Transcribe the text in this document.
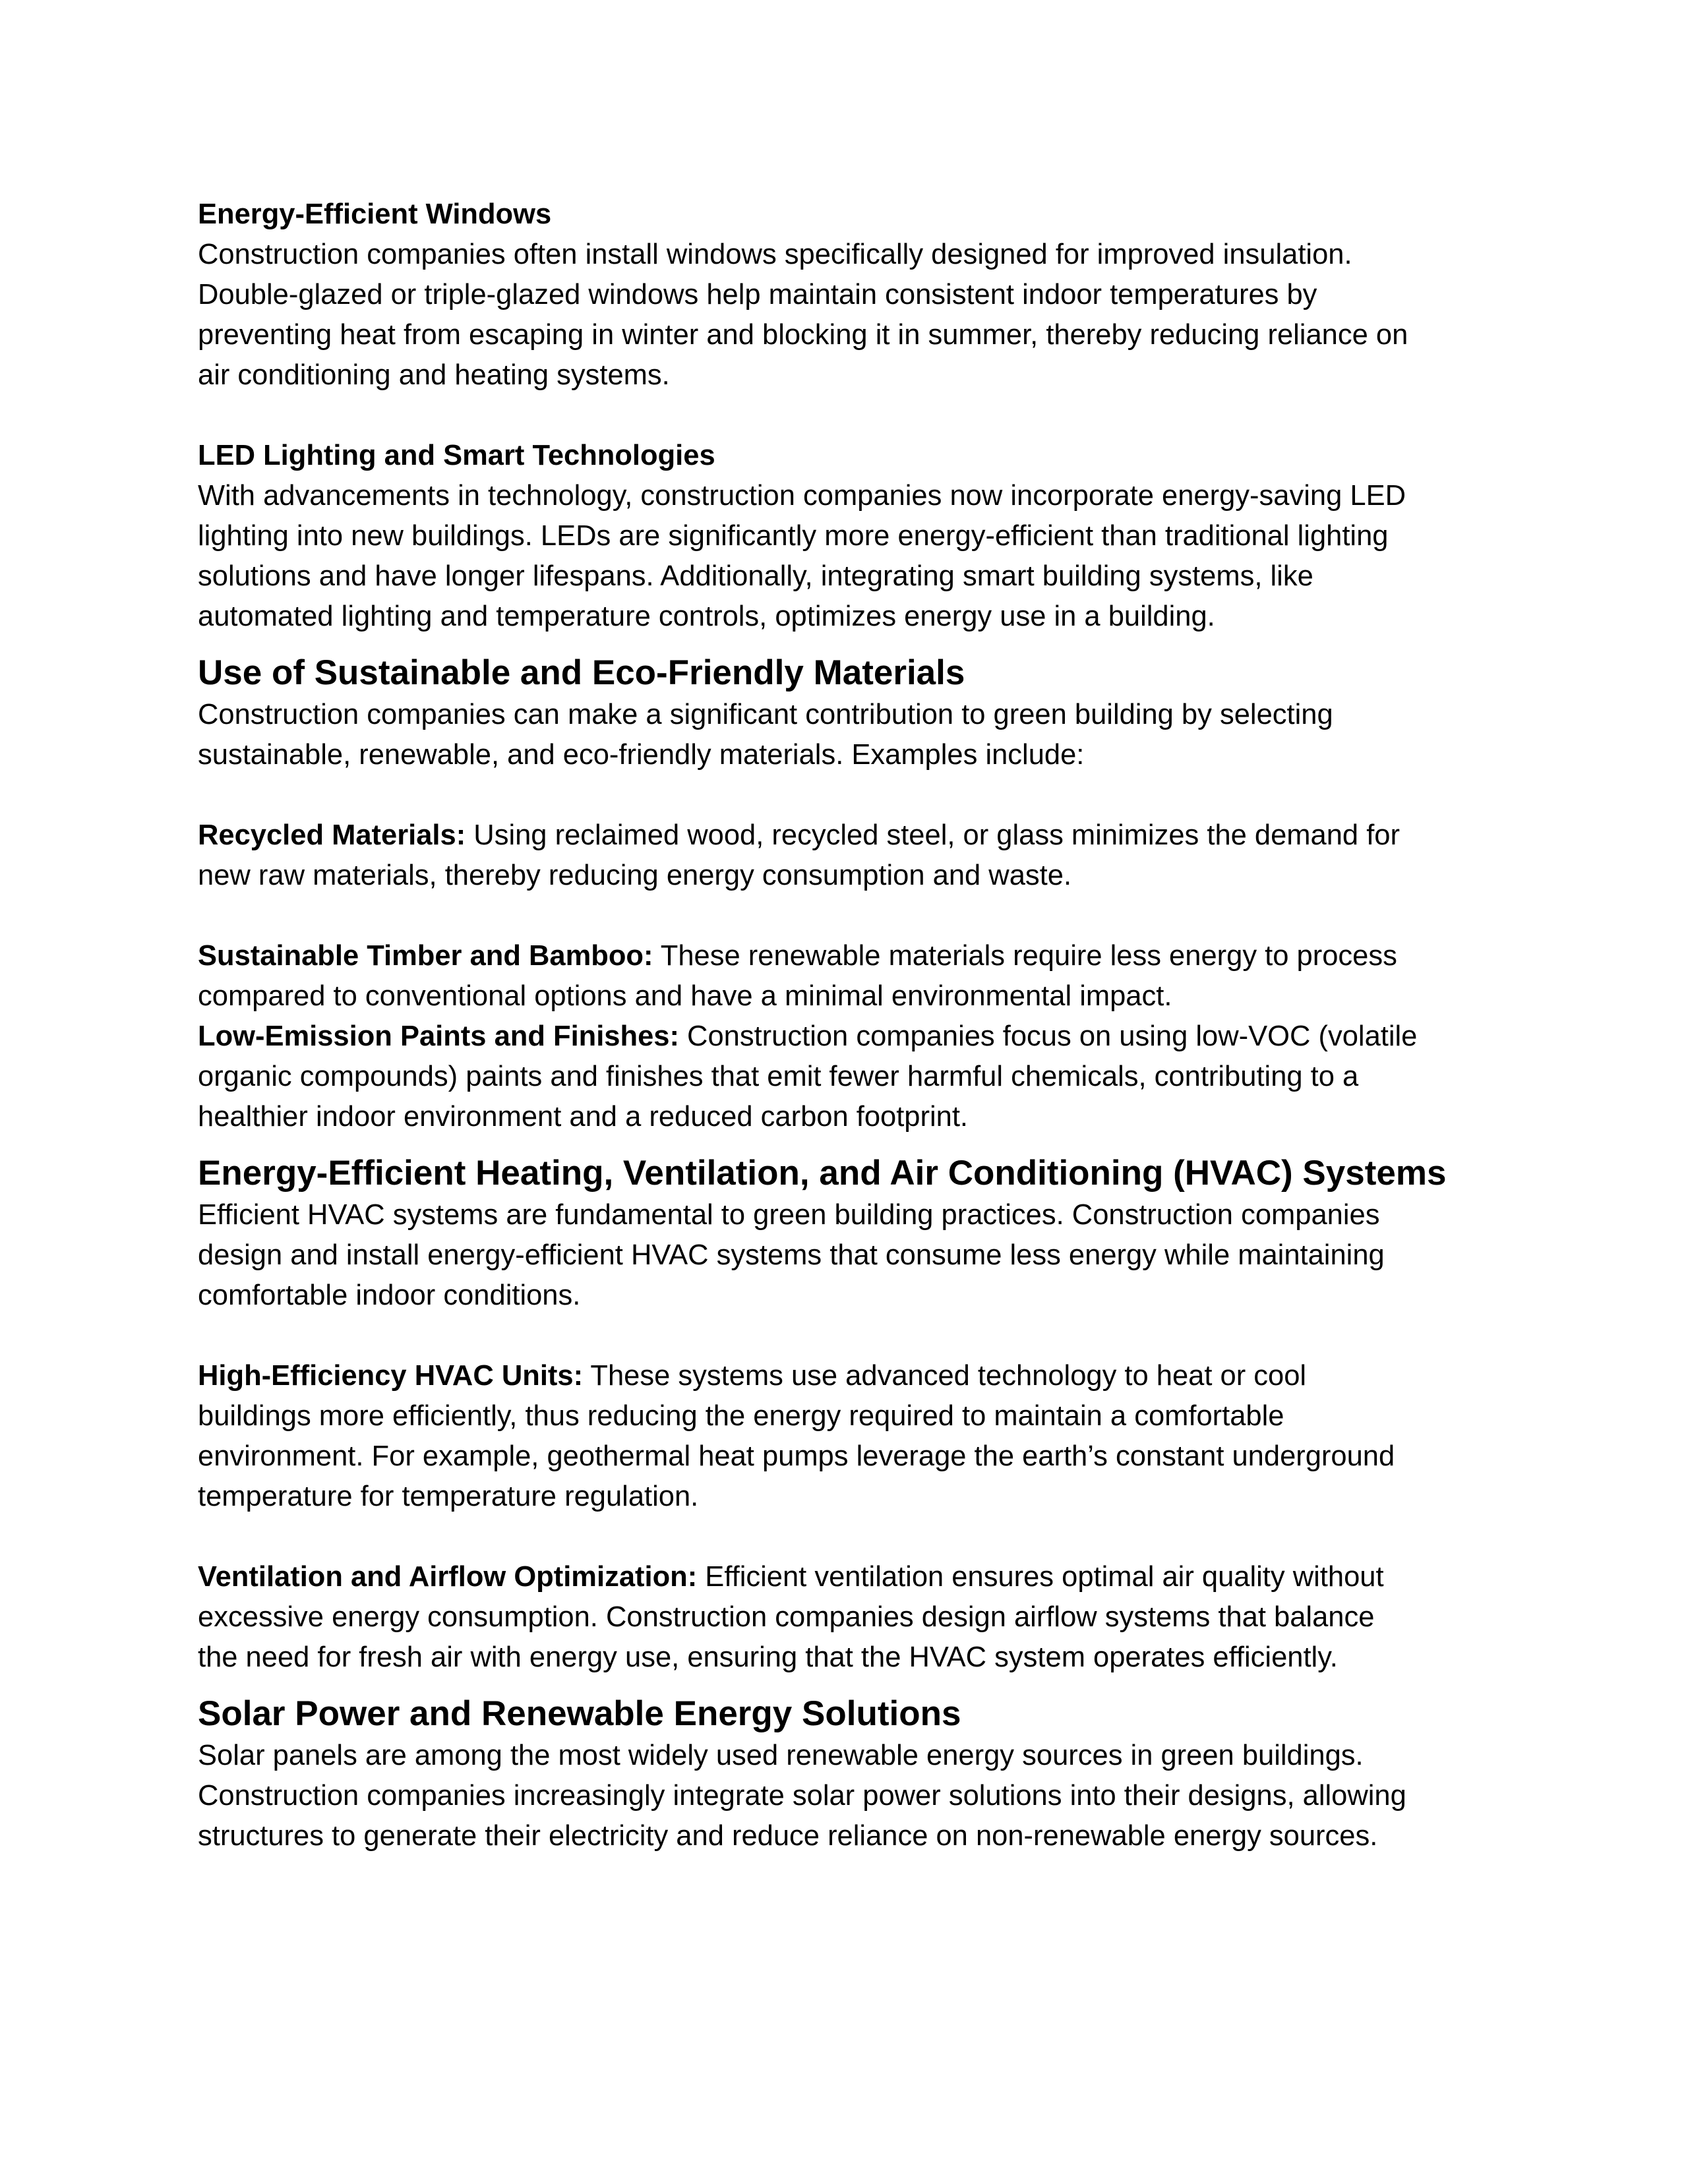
Energy-Efficient Windows
Construction companies often install windows specifically designed for improved insulation.
Double-glazed or triple-glazed windows help maintain consistent indoor temperatures by
preventing heat from escaping in winter and blocking it in summer, thereby reducing reliance on
air conditioning and heating systems.
LED Lighting and Smart Technologies
With advancements in technology, construction companies now incorporate energy-saving LED
lighting into new buildings. LEDs are significantly more energy-efficient than traditional lighting
solutions and have longer lifespans. Additionally, integrating smart building systems, like
automated lighting and temperature controls, optimizes energy use in a building.
Use of Sustainable and Eco-Friendly Materials
Construction companies can make a significant contribution to green building by selecting
sustainable, renewable, and eco-friendly materials. Examples include:
Recycled Materials: Using reclaimed wood, recycled steel, or glass minimizes the demand for
new raw materials, thereby reducing energy consumption and waste.
Sustainable Timber and Bamboo: These renewable materials require less energy to process
compared to conventional options and have a minimal environmental impact.
Low-Emission Paints and Finishes: Construction companies focus on using low-VOC (volatile
organic compounds) paints and finishes that emit fewer harmful chemicals, contributing to a
healthier indoor environment and a reduced carbon footprint.
Energy-Efficient Heating, Ventilation, and Air Conditioning (HVAC) Systems
Efficient HVAC systems are fundamental to green building practices. Construction companies
design and install energy-efficient HVAC systems that consume less energy while maintaining
comfortable indoor conditions.
High-Efficiency HVAC Units: These systems use advanced technology to heat or cool
buildings more efficiently, thus reducing the energy required to maintain a comfortable
environment. For example, geothermal heat pumps leverage the earth’s constant underground
temperature for temperature regulation.
Ventilation and Airflow Optimization: Efficient ventilation ensures optimal air quality without
excessive energy consumption. Construction companies design airflow systems that balance
the need for fresh air with energy use, ensuring that the HVAC system operates efficiently.
Solar Power and Renewable Energy Solutions
Solar panels are among the most widely used renewable energy sources in green buildings.
Construction companies increasingly integrate solar power solutions into their designs, allowing
structures to generate their electricity and reduce reliance on non-renewable energy sources.
